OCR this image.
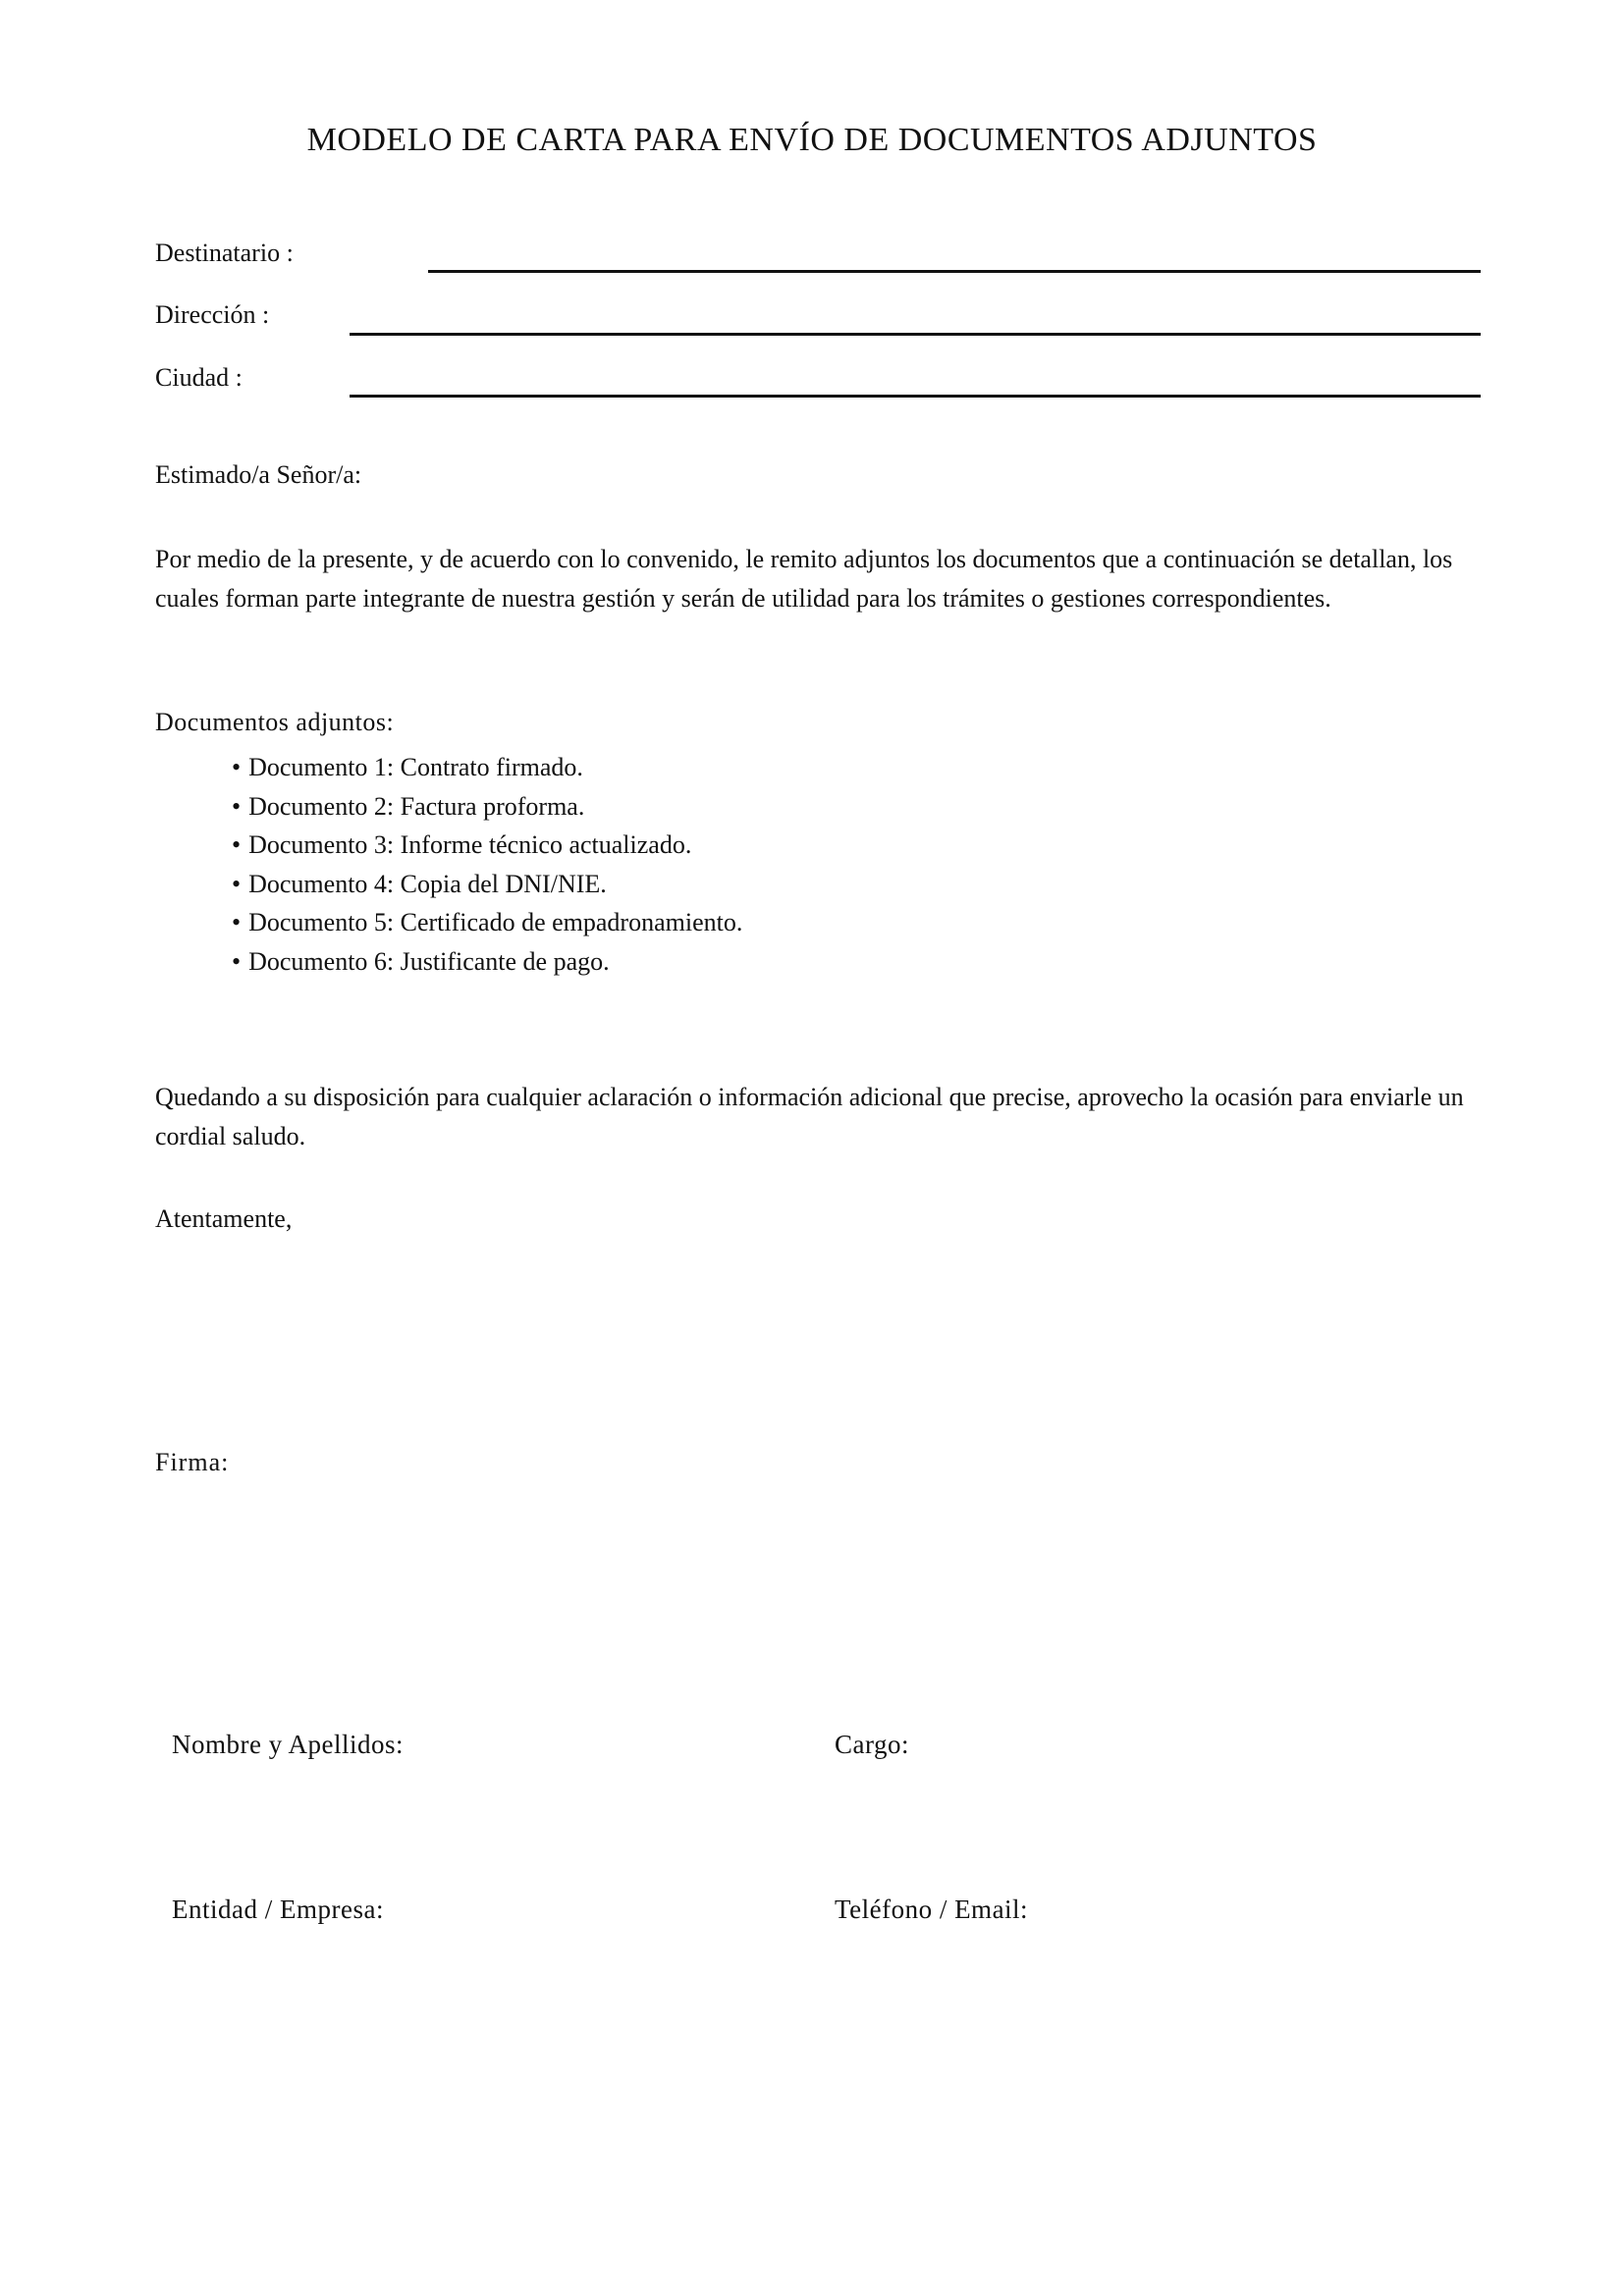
MODELO DE CARTA PARA ENVÍO DE DOCUMENTOS ADJUNTOS
Destinatario :
Dirección :
Ciudad :
Estimado/a Señor/a:
Por medio de la presente, y de acuerdo con lo convenido, le remito adjuntos los documentos que a continuación se detallan, los cuales forman parte integrante de nuestra gestión y serán de utilidad para los trámites o gestiones correspondientes.
Documentos adjuntos:
• Documento 1: Contrato firmado.
• Documento 2: Factura proforma.
• Documento 3: Informe técnico actualizado.
• Documento 4: Copia del DNI/NIE.
• Documento 5: Certificado de empadronamiento.
• Documento 6: Justificante de pago.
Quedando a su disposición para cualquier aclaración o información adicional que precise, aprovecho la ocasión para enviarle un cordial saludo.
Atentamente,
Firma:
Nombre y Apellidos:	Cargo:
Entidad / Empresa:	Teléfono / Email:
